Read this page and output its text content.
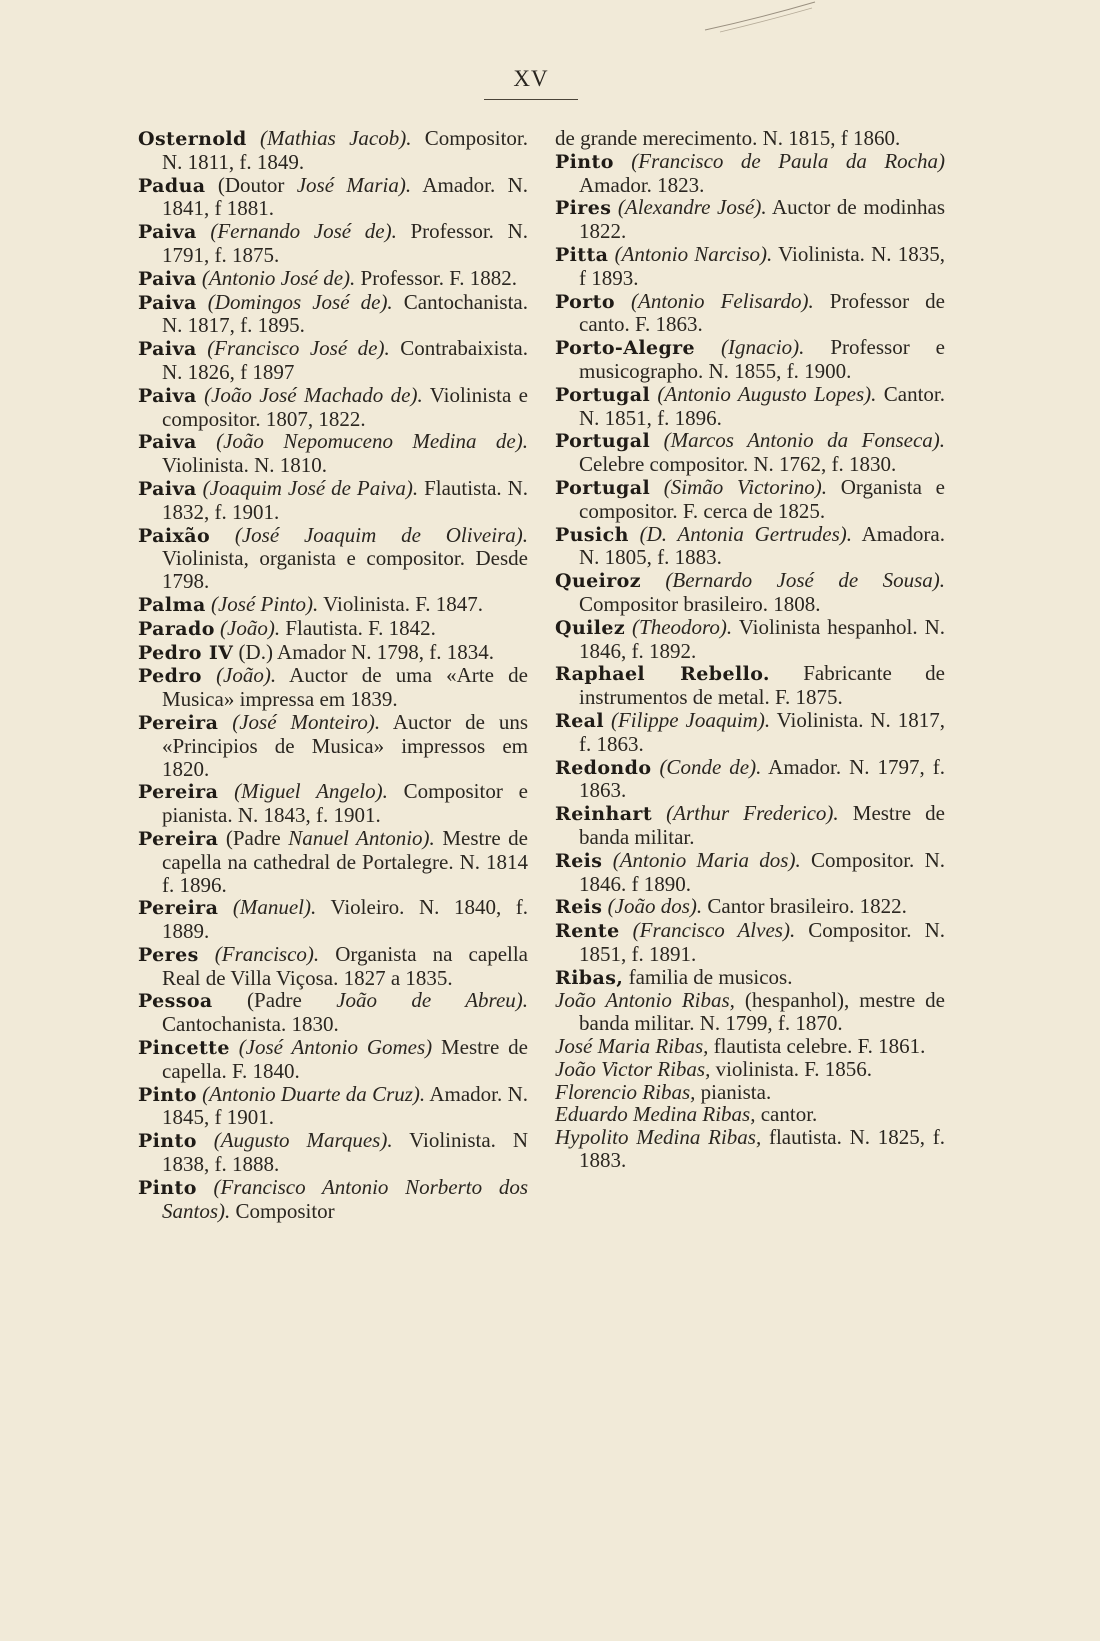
XV

Osternold (Mathias Jacob). Compositor. N. 1811, f. 1849.

Padua (Doutor José Maria). Amador. N. 1841, f 1881.

Paiva (Fernando José de). Professor. N. 1791, f. 1875.

Paiva (Antonio José de). Professor. F. 1882.

Paiva (Domingos José de). Cantochanista. N. 1817, f. 1895.

Paiva (Francisco José de). Contrabaixista. N. 1826, f 1897

Paiva (João José Machado de). Violinista e compositor. 1807, 1822.

Paiva (João Nepomuceno Medina de). Violinista. N. 1810.

Paiva (Joaquim José de Paiva). Flautista. N. 1832, f. 1901.

Paixão (José Joaquim de Oliveira). Violinista, organista e compositor. Desde 1798.

Palma (José Pinto). Violinista. F. 1847.

Parado (João). Flautista. F. 1842.

Pedro IV (D.) Amador N. 1798, f. 1834.

Pedro (João). Auctor de uma «Arte de Musica» impressa em 1839.

Pereira (José Monteiro). Auctor de uns «Principios de Musica» impressos em 1820.

Pereira (Miguel Angelo). Compositor e pianista. N. 1843, f. 1901.

Pereira (Padre Nanuel Antonio). Mestre de capella na cathedral de Portalegre. N. 1814 f. 1896.

Pereira (Manuel). Violeiro. N. 1840, f. 1889.

Peres (Francisco). Organista na capella Real de Villa Viçosa. 1827 a 1835.

Pessoa (Padre João de Abreu). Cantochanista. 1830.

Pincette (José Antonio Gomes) Mestre de capella. F. 1840.

Pinto (Antonio Duarte da Cruz). Amador. N. 1845, f 1901.

Pinto (Augusto Marques). Violinista. N 1838, f. 1888.

Pinto (Francisco Antonio Norberto dos Santos). Compositor

de grande merecimento. N. 1815, f 1860.

Pinto (Francisco de Paula da Rocha) Amador. 1823.

Pires (Alexandre José). Auctor de modinhas 1822.

Pitta (Antonio Narciso). Violinista. N. 1835, f 1893.

Porto (Antonio Felisardo). Professor de canto. F. 1863.

Porto-Alegre (Ignacio). Professor e musicographo. N. 1855, f. 1900.

Portugal (Antonio Augusto Lopes). Cantor. N. 1851, f. 1896.

Portugal (Marcos Antonio da Fonseca). Celebre compositor. N. 1762, f. 1830.

Portugal (Simão Victorino). Organista e compositor. F. cerca de 1825.

Pusich (D. Antonia Gertrudes). Amadora. N. 1805, f. 1883.

Queiroz (Bernardo José de Sousa). Compositor brasileiro. 1808.

Quilez (Theodoro). Violinista hespanhol. N. 1846, f. 1892.

Raphael Rebello. Fabricante de instrumentos de metal. F. 1875.

Real (Filippe Joaquim). Violinista. N. 1817, f. 1863.

Redondo (Conde de). Amador. N. 1797, f. 1863.

Reinhart (Arthur Frederico). Mestre de banda militar.

Reis (Antonio Maria dos). Compositor. N. 1846. f 1890.

Reis (João dos). Cantor brasileiro. 1822.

Rente (Francisco Alves). Compositor. N. 1851, f. 1891.

Ribas, familia de musicos.

João Antonio Ribas, (hespanhol), mestre de banda militar. N. 1799, f. 1870.

José Maria Ribas, flautista celebre. F. 1861.

João Victor Ribas, violinista. F. 1856.

Florencio Ribas, pianista.

Eduardo Medina Ribas, cantor.

Hypolito Medina Ribas, flautista. N. 1825, f. 1883.
